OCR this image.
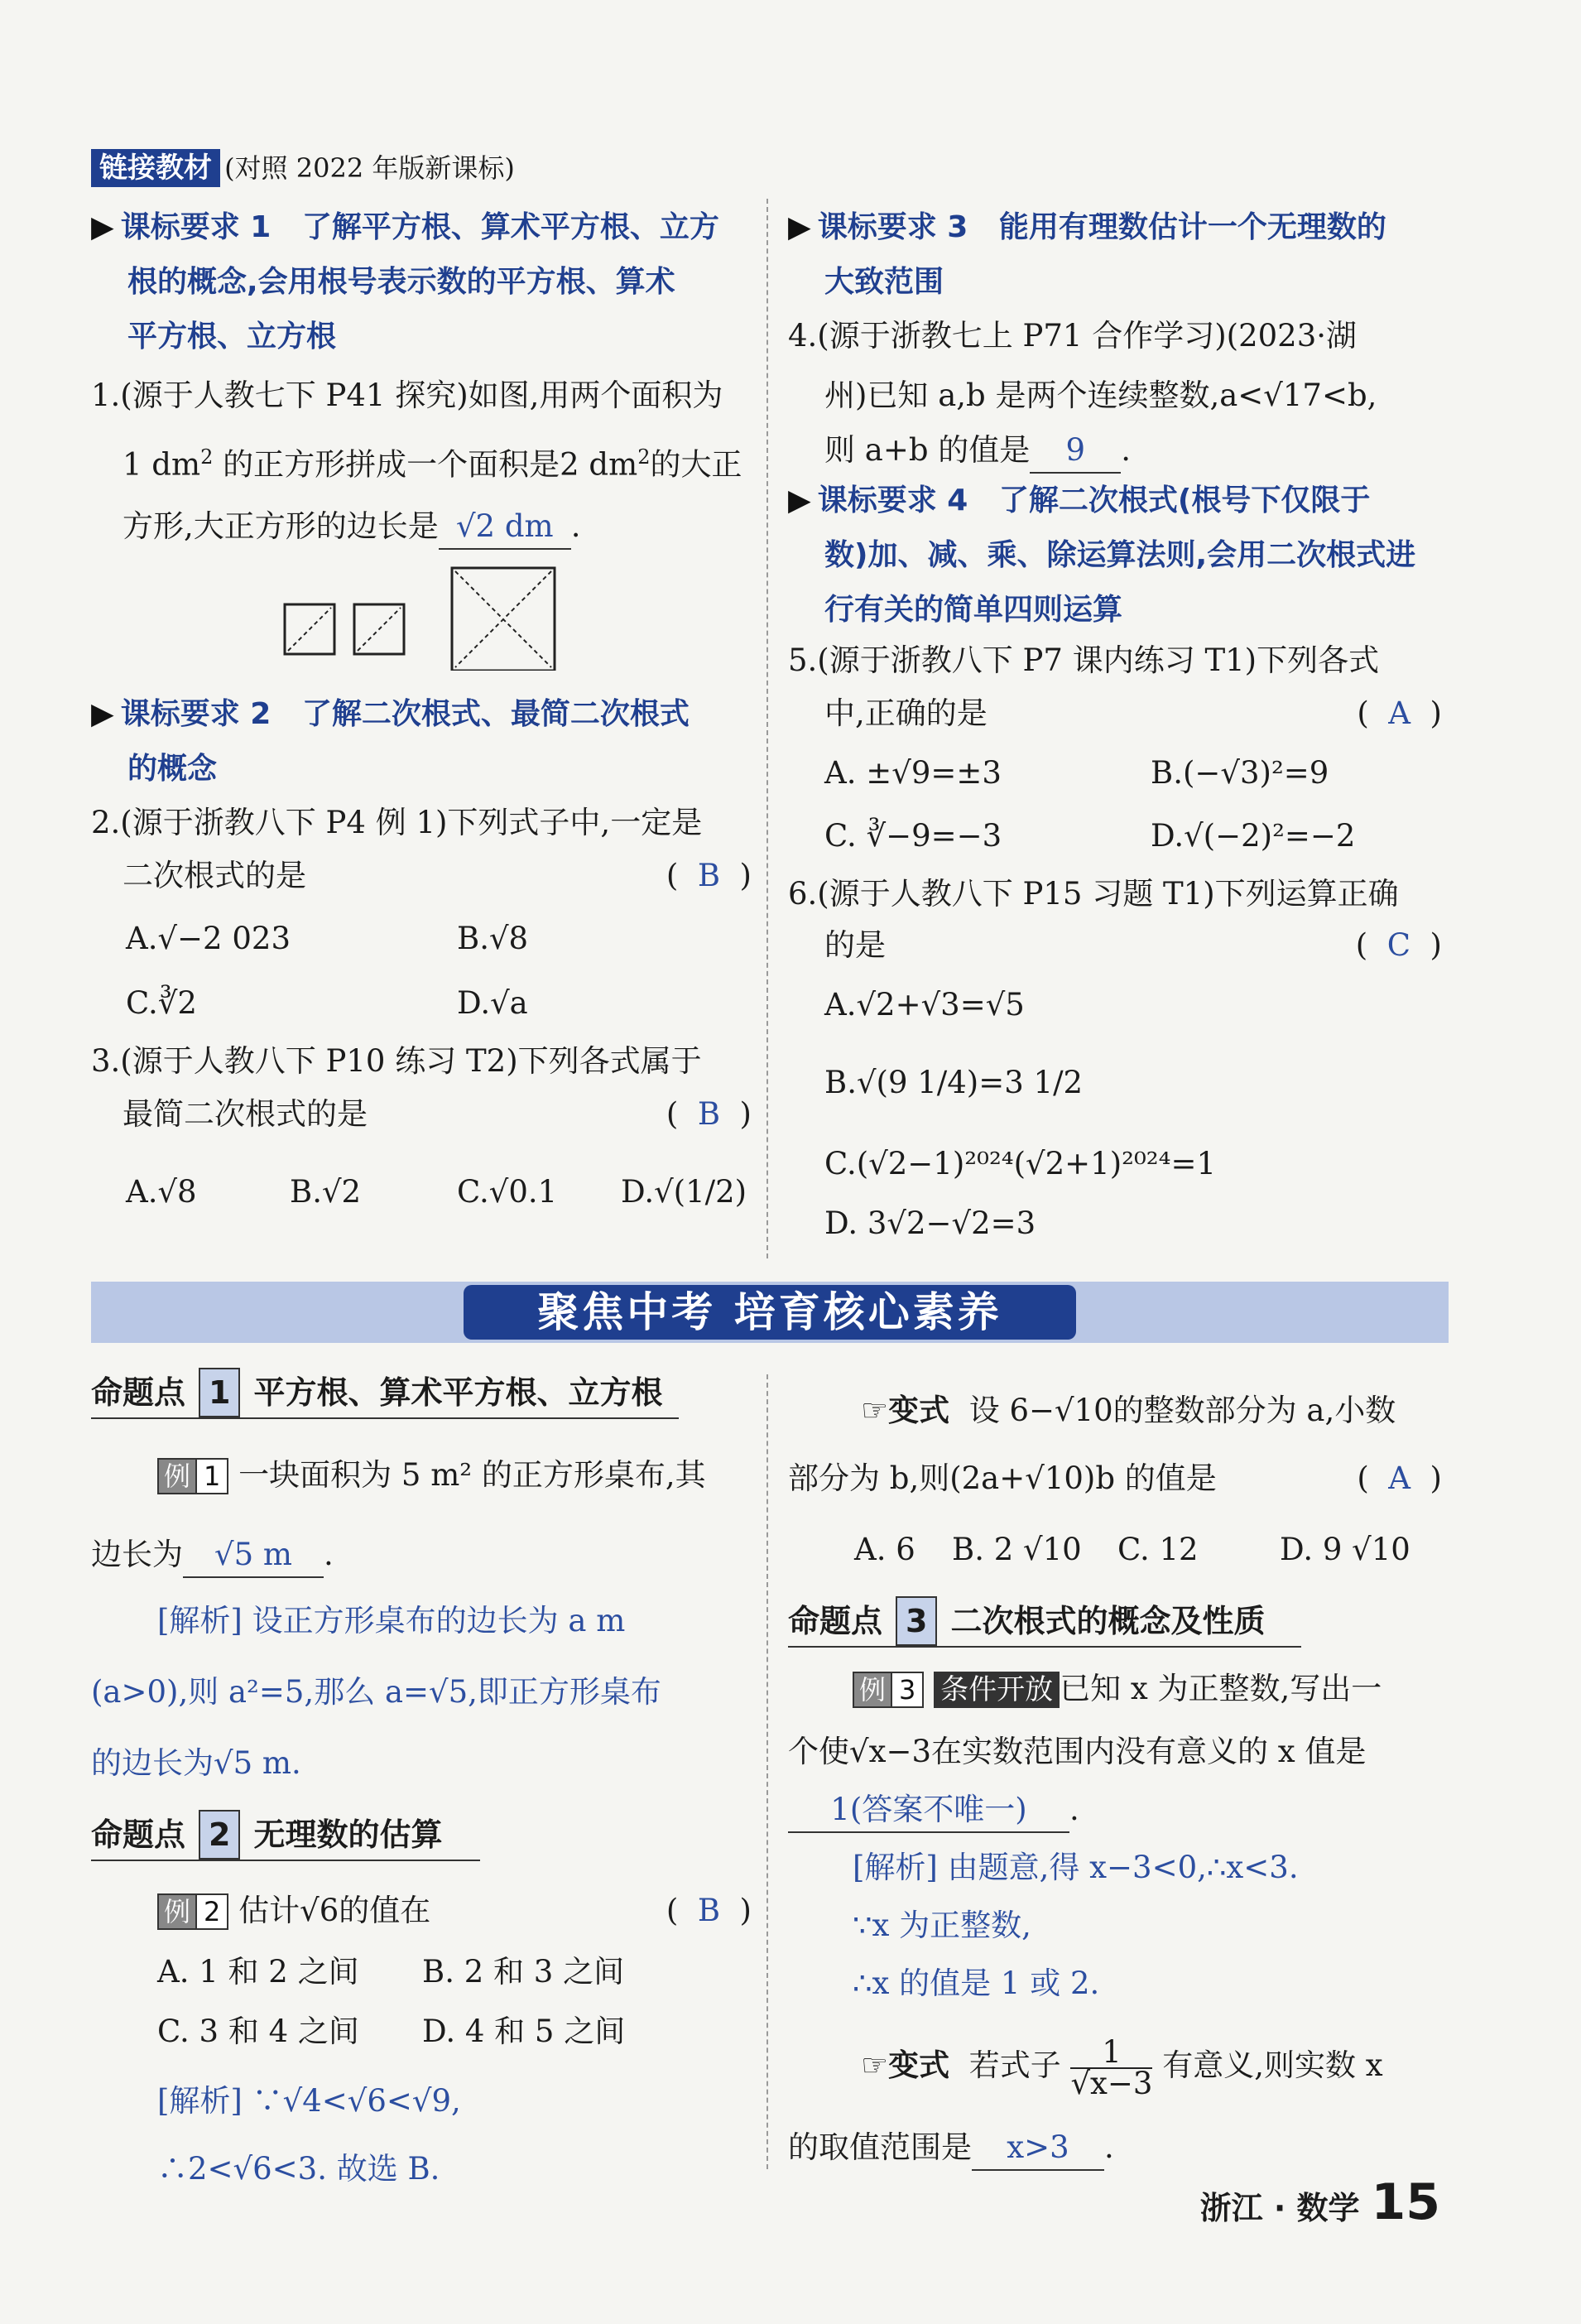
链接教材 (对照 2022 年版新课标)
▶ 课标要求 1 了解平方根、算术平方根、立方
根的概念,会用根号表示数的平方根、算术
平方根、立方根
1.(源于人教七下 P41 探究)如图,用两个面积为
1 dm$^2$ 的正方形拼成一个面积是2 dm$^2$的大正
方形,大正方形的边长是 √2 dm .
▶ 课标要求 2 了解二次根式、最简二次根式
的概念
2.(源于浙教八下 P4 例 1)下列式子中,一定是
二次根式的是	(  B  )
A.√−2 023	B.√8
C.∛2	D.√a
3.(源于人教八下 P10 练习 T2)下列各式属于
最简二次根式的是	(  B  )
A.√8	B.√2	C.√0.1 D.√(1/2)
▶ 课标要求 3 能用有理数估计一个无理数的
大致范围
4.(源于浙教七上 P71 合作学习)(2023·湖
州)已知 a,b 是两个连续整数,a<√17<b,
则 a+b 的值是 9 .
▶ 课标要求 4 了解二次根式(根号下仅限于
数)加、减、乘、除运算法则,会用二次根式进
行有关的简单四则运算
5.(源于浙教八下 P7 课内练习 T1)下列各式
中,正确的是	(  A  )
A. ±√9=±3	B.(−√3)²=9
C. ∛−9=−3	D.√(−2)²=−2
6.(源于人教八下 P15 习题 T1)下列运算正确
的是	(  C  )
A.√2+√3=√5
B.√(9 1/4)=3 1/2
C.(√2−1)²⁰²⁴(√2+1)²⁰²⁴=1
D. 3√2−√2=3
聚焦中考 培育核心素养
命题点 1 平方根、算术平方根、立方根
例 1 一块面积为 5 m² 的正方形桌布,其
边长为 √5 m .
[解析] 设正方形桌布的边长为 a m
(a>0),则 a²=5,那么 a=√5,即正方形桌布
的边长为√5 m.
命题点 2 无理数的估算
例 2 估计√6的值在	(  B  )
A. 1 和 2 之间 B. 2 和 3 之间
C. 3 和 4 之间 D. 4 和 5 之间
[解析] ∵√4<√6<√9,
∴2<√6<3. 故选 B.
☞变式 设 6−√10的整数部分为 a,小数
部分为 b,则(2a+√10)b 的值是	(  A  )
A. 6 B. 2 √10 C. 12	D. 9 √10
命题点 3 二次根式的概念及性质
例 3 条件开放 已知 x 为正整数,写出一
个使√x−3在实数范围内没有意义的 x 值是
1(答案不唯一) .
[解析] 由题意,得 x−3<0,∴x<3.
∵x 为正整数,
∴x 的值是 1 或 2.
☞变式 若式子 $\frac{1}{√x-3}$ 有意义,则实数 x
的取值范围是 x>3 .
浙江 · 数学 15
